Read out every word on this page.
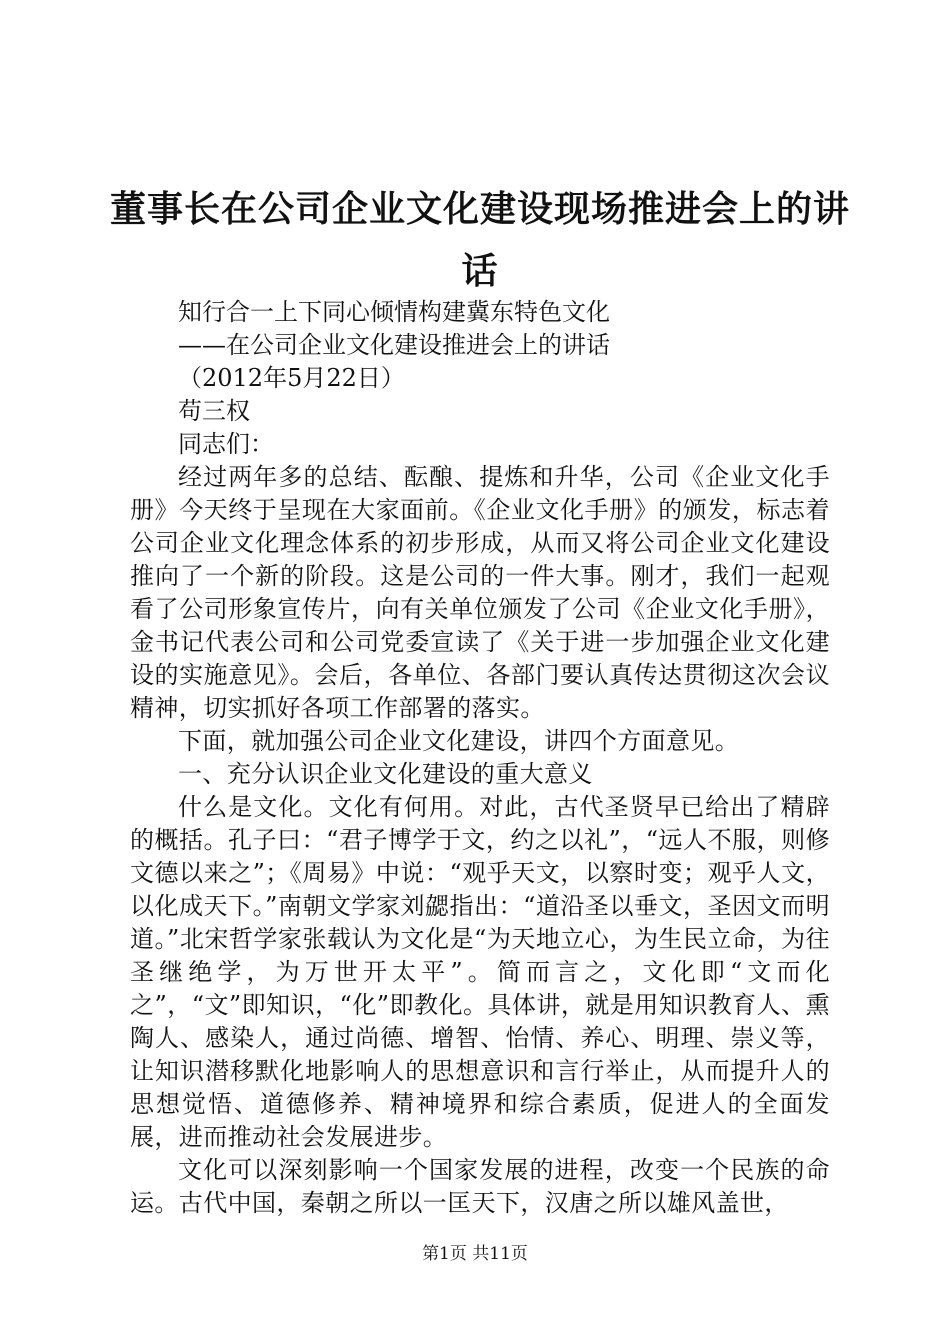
董事长在公司企业文化建设现场推进会上的讲话

知行合一上下同心倾情构建冀东特色文化

——在公司企业文化建设推进会上的讲话

（2012年5月22日）

苟三权

同志们：

经过两年多的总结、酝酿、提炼和升华，公司《企业文化手册》今天终于呈现在大家面前。《企业文化手册》的颁发，标志着公司企业文化理念体系的初步形成，从而又将公司企业文化建设推向了一个新的阶段。这是公司的一件大事。刚才，我们一起观看了公司形象宣传片，向有关单位颁发了公司《企业文化手册》，金书记代表公司和公司党委宣读了《关于进一步加强企业文化建设的实施意见》。会后，各单位、各部门要认真传达贯彻这次会议精神，切实抓好各项工作部署的落实。

下面，就加强公司企业文化建设，讲四个方面意见。

一、充分认识企业文化建设的重大意义

什么是文化。文化有何用。对此，古代圣贤早已给出了精辟的概括。孔子曰：“君子博学于文，约之以礼”，“远人不服，则修文德以来之”；《周易》中说：“观乎天文，以察时变；观乎人文，以化成天下。”南朝文学家刘勰指出：“道沿圣以垂文，圣因文而明道。”北宋哲学家张载认为文化是“为天地立心，为生民立命，为往圣继绝学，为万世开太平”。简而言之，文化即“文而化之”，“文”即知识，“化”即教化。具体讲，就是用知识教育人、熏陶人、感染人，通过尚德、增智、怡情、养心、明理、崇义等，让知识潜移默化地影响人的思想意识和言行举止，从而提升人的思想觉悟、道德修养、精神境界和综合素质，促进人的全面发展，进而推动社会发展进步。

文化可以深刻影响一个国家发展的进程，改变一个民族的命运。古代中国，秦朝之所以一匡天下，汉唐之所以雄风盖世，

第1页 共11页
